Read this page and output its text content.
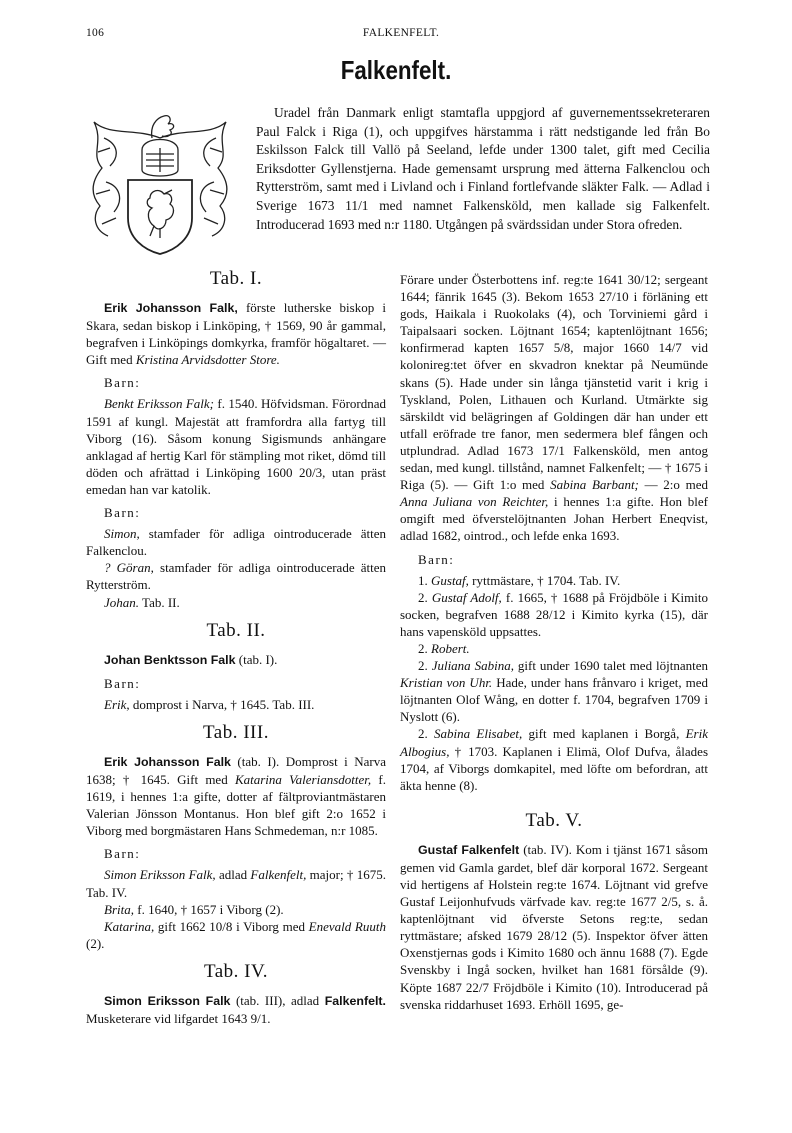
106	FALKENFELT.
Falkenfelt.

Uradel från Danmark enligt stamtafla uppgjord af guvernementssekreteraren Paul Falck i Riga (1), och uppgifves härstamma i rätt nedstigande led från Bo Eskilsson Falck till Vallö på Seeland, lefde under 1300 talet, gift med Cecilia Eriksdotter Gyllenstjerna. Hade gemensamt ursprung med ätterna Falkenclou och Rytterström, samt med i Livland och i Finland fortlefvande släkter Falk. — Adlad i Sverige 1673 11/1 med namnet Falkensköld, men kallade sig Falkenfelt. Introducerad 1693 med n:r 1180. Utgången på svärdssidan under Stora ofreden.

Tab. I.

Erik Johansson Falk, förste lutherske biskop i Skara, sedan biskop i Linköping, † 1569, 90 år gammal, begrafven i Linköpings domkyrka, framför högaltaret. — Gift med Kristina Arvidsdotter Store.

Barn:

Benkt Eriksson Falk; f. 1540. Höfvidsman. Förordnad 1591 af kungl. Majestät att framfordra alla fartyg till Viborg (16). Såsom konung Sigismunds anhängare anklagad af hertig Karl för stämpling mot riket, dömd till döden och afrättad i Linköping 1600 20/3, utan präst emedan han var katolik.

Barn:

Simon, stamfader för adliga ointroducerade ätten Falkenclou.

? Göran, stamfader för adliga ointroducerade ätten Rytterström.

Johan. Tab. II.

Tab. II.

Johan Benktsson Falk (tab. I).

Barn:

Erik, domprost i Narva, † 1645. Tab. III.

Tab. III.

Erik Johansson Falk (tab. I). Domprost i Narva 1638; † 1645. Gift med Katarina Valeriansdotter, f. 1619, i hennes 1:a gifte, dotter af fältproviantmästaren Valerian Jönsson Montanus. Hon blef gift 2:o 1652 i Viborg med borgmästaren Hans Schmedeman, n:r 1085.

Barn:

Simon Eriksson Falk, adlad Falkenfelt, major; † 1675. Tab. IV.

Brita, f. 1640, † 1657 i Viborg (2).

Katarina, gift 1662 10/8 i Viborg med Enevald Ruuth (2).

Tab. IV.

Simon Eriksson Falk (tab. III), adlad Falkenfelt. Musketerare vid lifgardet 1643 9/1.

Förare under Österbottens inf. reg:te 1641 30/12; sergeant 1644; fänrik 1645 (3). Bekom 1653 27/10 i förläning ett gods, Haikala i Ruokolaks (4), och Torviniemi gård i Taipalsaari socken. Löjtnant 1654; kaptenlöjtnant 1656; konfirmerad kapten 1657 5/8, major 1660 14/7 vid kolonireg:tet öfver en skvadron knektar på Neumünde skans (5). Hade under sin långa tjänstetid varit i krig i Tyskland, Polen, Lithauen och Kurland. Utmärkte sig särskildt vid belägringen af Goldingen där han under ett utfall eröfrade tre fanor, men sedermera blef fången och utplundrad. Adlad 1673 17/1 Falkensköld, men antog sedan, med kungl. tillstånd, namnet Falkenfelt; — † 1675 i Riga (5). — Gift 1:o med Sabina Barbant; — 2:o med Anna Juliana von Reichter, i hennes 1:a gifte. Hon blef omgift med öfverstelöjtnanten Johan Herbert Eneqvist, adlad 1682, ointrod., och lefde enka 1693.

Barn:

1. Gustaf, ryttmästare, † 1704. Tab. IV.

2. Gustaf Adolf, f. 1665, † 1688 på Fröjdböle i Kimito socken, begrafven 1688 28/12 i Kimito kyrka (15), där hans vapensköld uppsattes.

2. Robert.

2. Juliana Sabina, gift under 1690 talet med löjtnanten Kristian von Uhr. Hade, under hans frånvaro i kriget, med löjtnanten Olof Wång, en dotter f. 1704, begrafven 1709 i Nyslott (6).

2. Sabina Elisabet, gift med kaplanen i Borgå, Erik Albogius, † 1703. Kaplanen i Elimä, Olof Dufva, ålades 1704, af Viborgs domkapitel, med löfte om befordran, att äkta henne (8).

Tab. V.

Gustaf Falkenfelt (tab. IV). Kom i tjänst 1671 såsom gemen vid Gamla gardet, blef där korporal 1672. Sergeant vid hertigens af Holstein reg:te 1674. Löjtnant vid grefve Gustaf Leijonhufvuds värfvade kav. reg:te 1677 2/5, s. å. kaptenlöjtnant vid öfverste Setons reg:te, sedan ryttmästare; afsked 1679 28/12 (5). Inspektor öfver ätten Oxenstjernas gods i Kimito 1680 och ännu 1688 (7). Egde Svenskby i Ingå socken, hvilket han 1681 försålde (9). Köpte 1687 22/7 Fröjdböle i Kimito (10). Introducerad på svenska riddarhuset 1693. Erhöll 1695, ge-
